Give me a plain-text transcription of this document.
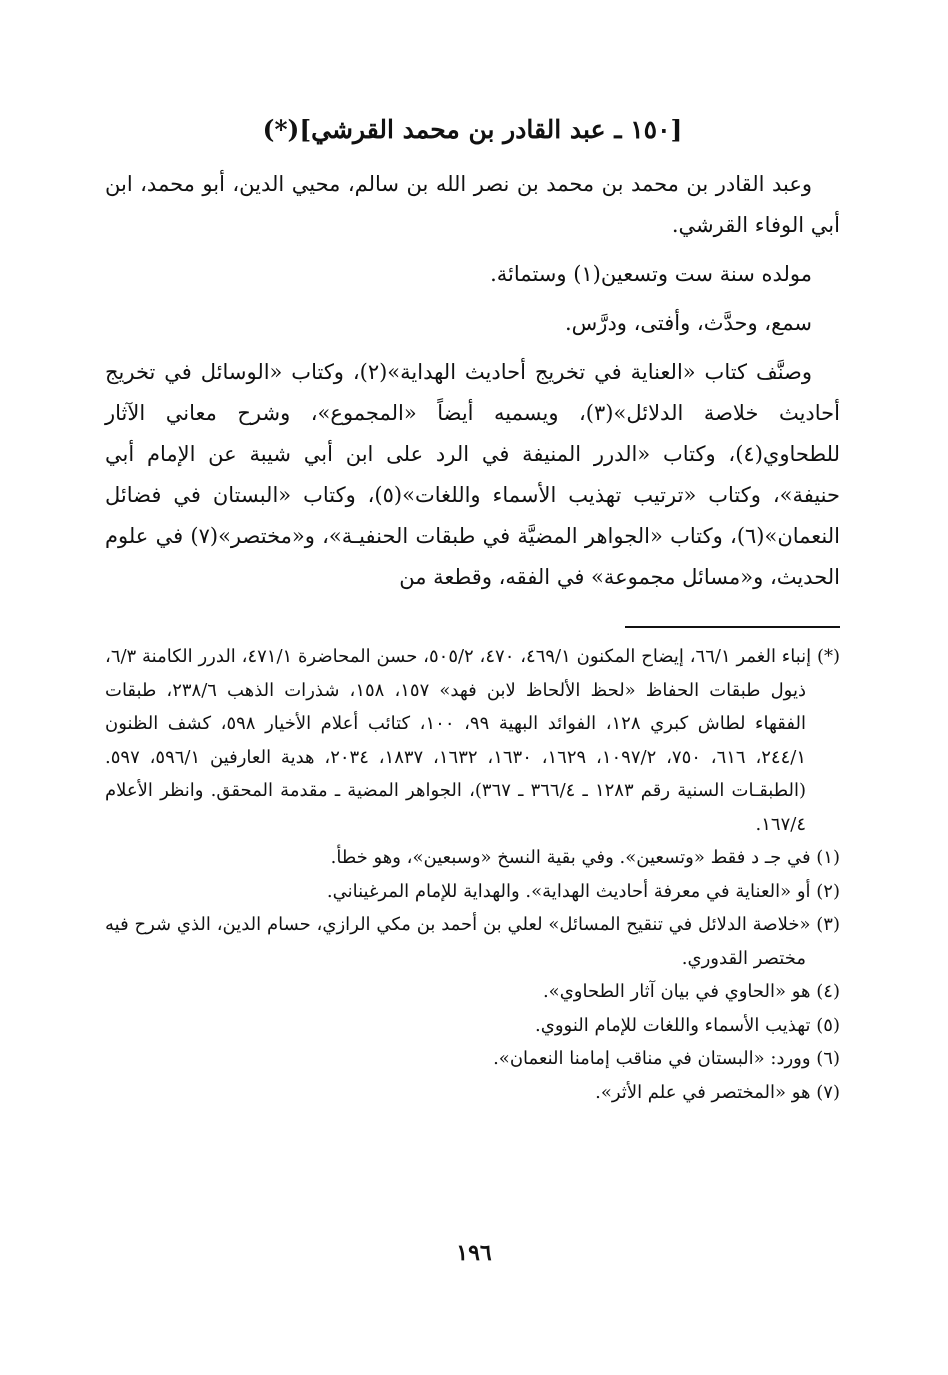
[١٥٠ ـ عبد القادر بن محمد القرشي](*)

وعبد القادر بن محمد بن محمد بن نصر الله بن سالم، محيي الدين، أبو محمد، ابن أبي الوفاء القرشي.

مولده سنة ست وتسعين(١) وستمائة.

سمع، وحدَّث، وأفتى، ودرَّس.

وصنَّف كتاب «العناية في تخريج أحاديث الهداية»(٢)، وكتاب «الوسائل في تخريج أحاديث خلاصة الدلائل»(٣)، ويسميه أيضاً «المجموع»، وشرح معاني الآثار للطحاوي(٤)، وكتاب «الدرر المنيفة في الرد على ابن أبي شيبة عن الإمام أبي حنيفة»، وكتاب «ترتيب تهذيب الأسماء واللغات»(٥)، وكتاب «البستان في فضائل النعمان»(٦)، وكتاب «الجواهر المضيَّة في طبقات الحنفيـة»، و«مختصر»(٧) في علوم الحديث، و«مسائل مجموعة» في الفقه، وقطعة من

(*) إنباء الغمر ٦٦/١، إيضاح المكنون ٤٦٩/١، ٤٧٠، ٥٠٥/٢، حسن المحاضرة ٤٧١/١، الدرر الكامنة ٦/٣، ذيول طبقات الحفاظ «لحظ الألحاظ لابن فهد» ١٥٧، ١٥٨، شذرات الذهب ٢٣٨/٦، طبقات الفقهاء لطاش كبري ١٢٨، الفوائد البهية ٩٩، ١٠٠، كتائب أعلام الأخيار ٥٩٨، كشف الظنون ٢٤٤/١، ٦١٦، ٧٥٠، ١٠٩٧/٢، ١٦٢٩، ١٦٣٠، ١٦٣٢، ١٨٣٧، ٢٠٣٤، هدية العارفين ٥٩٦/١، ٥٩٧. (الطبقـات السنية رقم ١٢٨٣ ـ ٣٦٦/٤ ـ ٣٦٧)، الجواهر المضية ـ مقدمة المحقق. وانظر الأعلام ١٦٧/٤.

(١) في جـ د فقط «وتسعين». وفي بقية النسخ «وسبعين»، وهو خطأ.

(٢) أو «العناية في معرفة أحاديث الهداية». والهداية للإمام المرغيناني.

(٣) «خلاصة الدلائل في تنقيح المسائل» لعلي بن أحمد بن مكي الرازي، حسام الدين، الذي شرح فيه مختصر القدوري.

(٤) هو «الحاوي في بيان آثار الطحاوي».

(٥) تهذيب الأسماء واللغات للإمام النووي.

(٦) وورد: «البستان في مناقب إمامنا النعمان».

(٧) هو «المختصر في علم الأثر».

١٩٦
